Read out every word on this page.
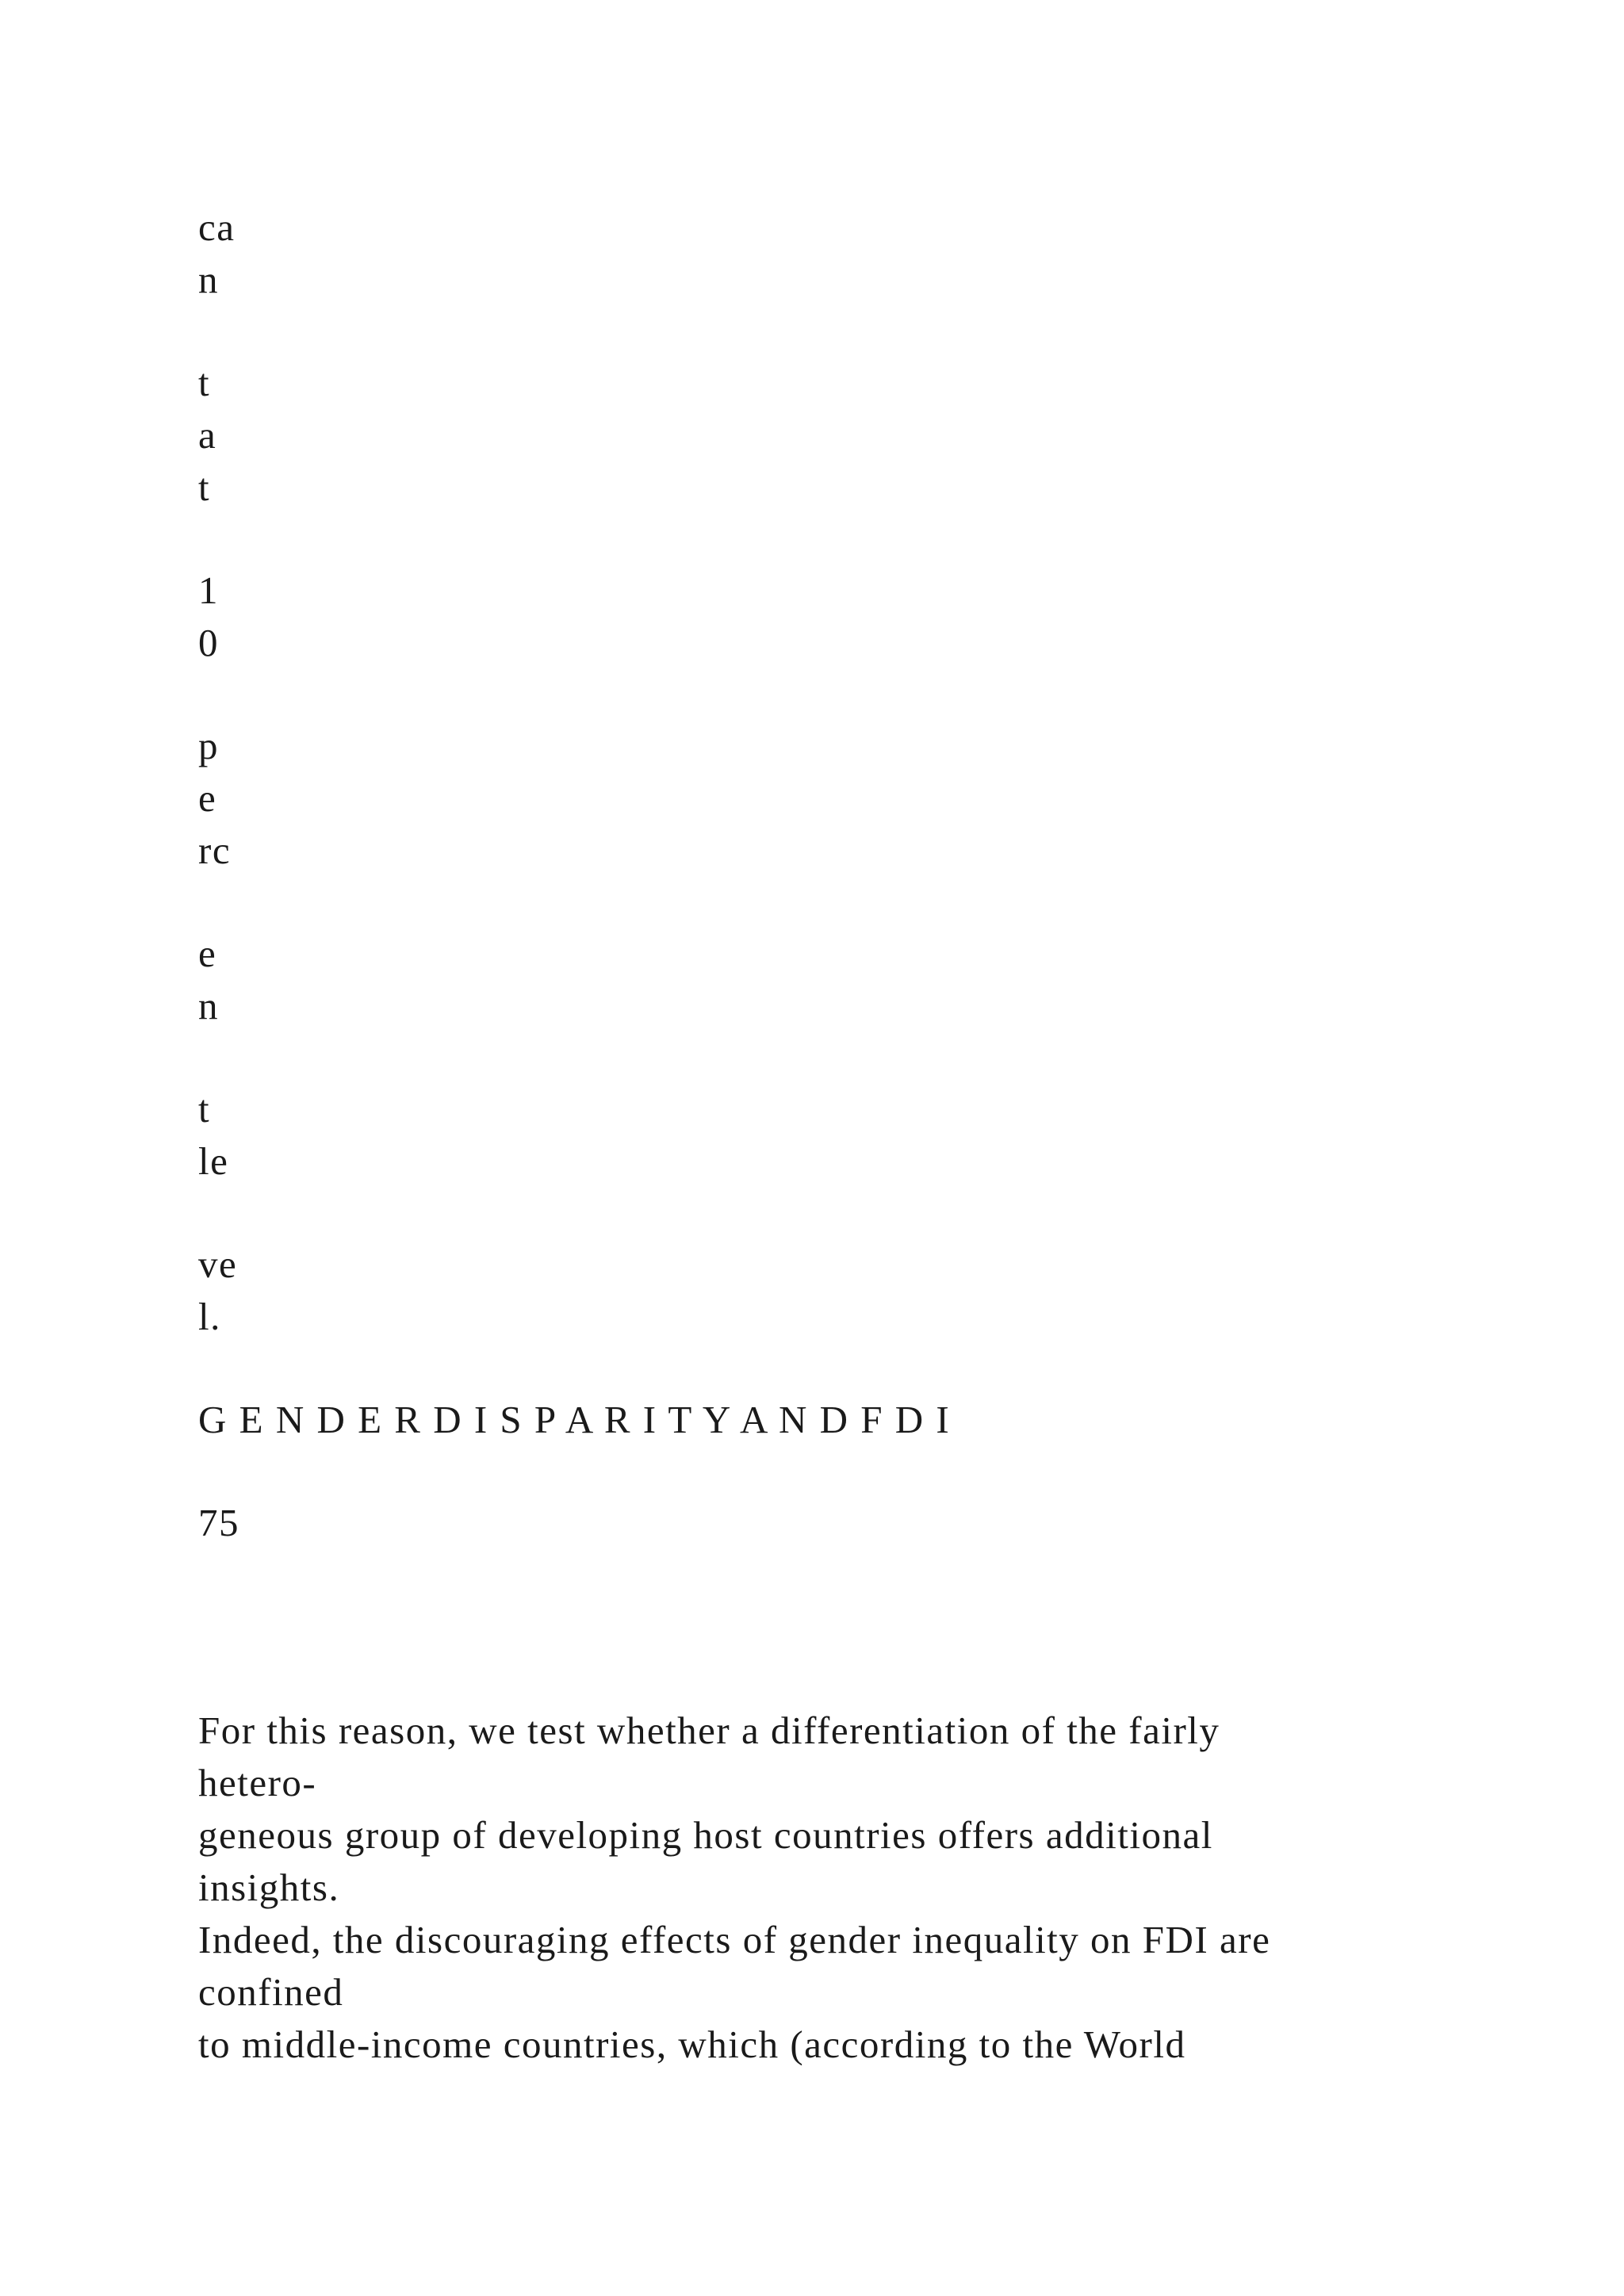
ca

n

t

a

t

1

0

p

e

rc

e

n

t

le

ve

l.

G E N D E R D I S P A R I T Y A N D F D I

75

For this reason, we test whether a differentiation of the fairly

hetero-

geneous group of developing host countries offers additional

insights.

Indeed, the discouraging effects of gender inequality on FDI are

confined

to middle-income countries, which (according to the World
